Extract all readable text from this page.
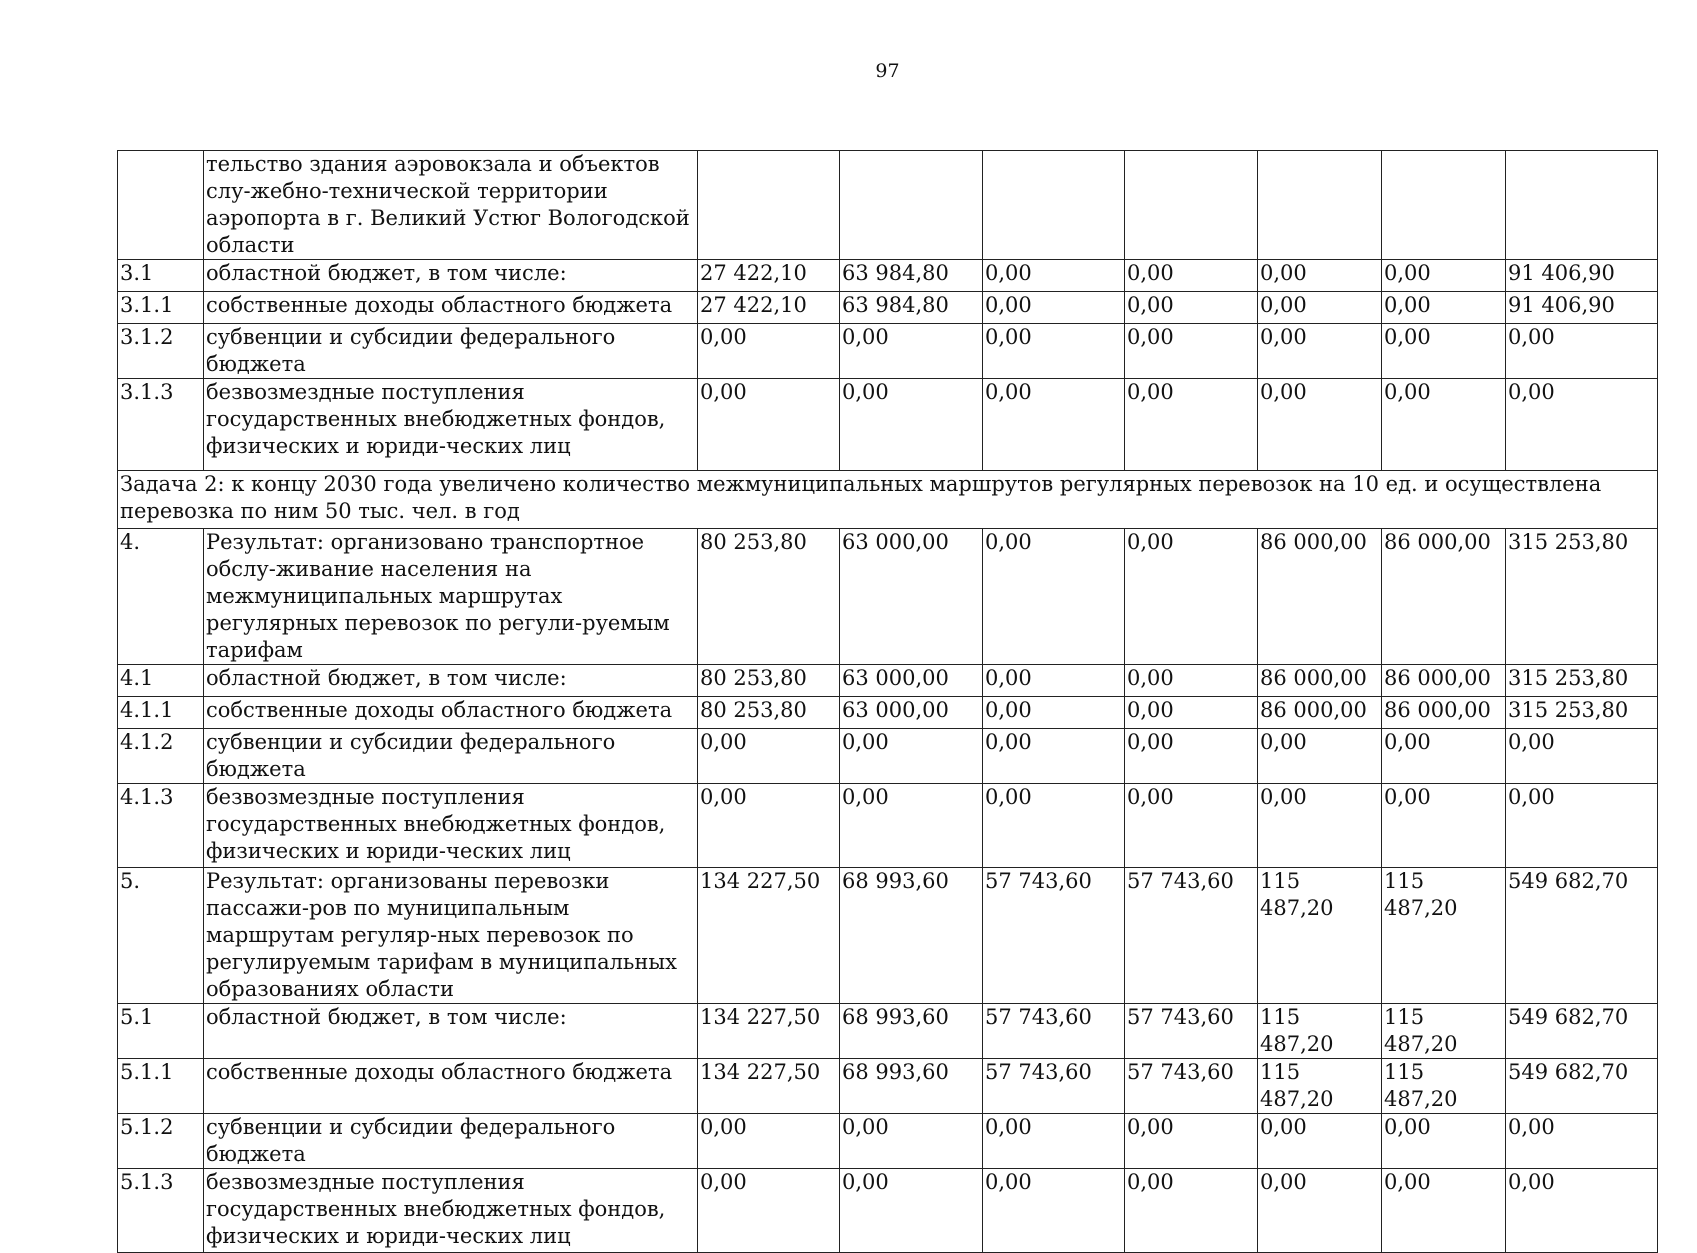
97
	тельство здания аэровокзала и объектов слу-жебно-технической территории аэропорта в г. Великий Устюг Вологодской области							
3.1	областной бюджет, в том числе:	27 422,10	63 984,80	0,00	0,00	0,00	0,00	91 406,90
3.1.1	собственные доходы областного бюджета	27 422,10	63 984,80	0,00	0,00	0,00	0,00	91 406,90
3.1.2	субвенции и субсидии федерального бюджета	0,00	0,00	0,00	0,00	0,00	0,00	0,00
3.1.3	безвозмездные поступления государственных внебюджетных фондов, физических и юриди-ческих лиц	0,00	0,00	0,00	0,00	0,00	0,00	0,00
Задача 2: к концу 2030 года увеличено количество межмуниципальных маршрутов регулярных перевозок на 10 ед. и осуществлена перевозка по ним 50 тыс. чел. в год								
4.	Результат: организовано транспортное обслу-живание населения на межмуниципальных маршрутах регулярных перевозок по регули-руемым тарифам	80 253,80	63 000,00	0,00	0,00	86 000,00	86 000,00	315 253,80
4.1	областной бюджет, в том числе:	80 253,80	63 000,00	0,00	0,00	86 000,00	86 000,00	315 253,80
4.1.1	собственные доходы областного бюджета	80 253,80	63 000,00	0,00	0,00	86 000,00	86 000,00	315 253,80
4.1.2	субвенции и субсидии федерального бюджета	0,00	0,00	0,00	0,00	0,00	0,00	0,00
4.1.3	безвозмездные поступления государственных внебюджетных фондов, физических и юриди-ческих лиц	0,00	0,00	0,00	0,00	0,00	0,00	0,00
5.	Результат: организованы перевозки пассажи-ров по муниципальным маршрутам регуляр-ных перевозок по регулируемым тарифам в муниципальных образованиях области	134 227,50	68 993,60	57 743,60	57 743,60	115 487,20	115 487,20	549 682,70
5.1	областной бюджет, в том числе:	134 227,50	68 993,60	57 743,60	57 743,60	115 487,20	115 487,20	549 682,70
5.1.1	собственные доходы областного бюджета	134 227,50	68 993,60	57 743,60	57 743,60	115 487,20	115 487,20	549 682,70
5.1.2	субвенции и субсидии федерального бюджета	0,00	0,00	0,00	0,00	0,00	0,00	0,00
5.1.3	безвозмездные поступления государственных внебюджетных фондов, физических и юриди-ческих лиц	0,00	0,00	0,00	0,00	0,00	0,00	0,00
